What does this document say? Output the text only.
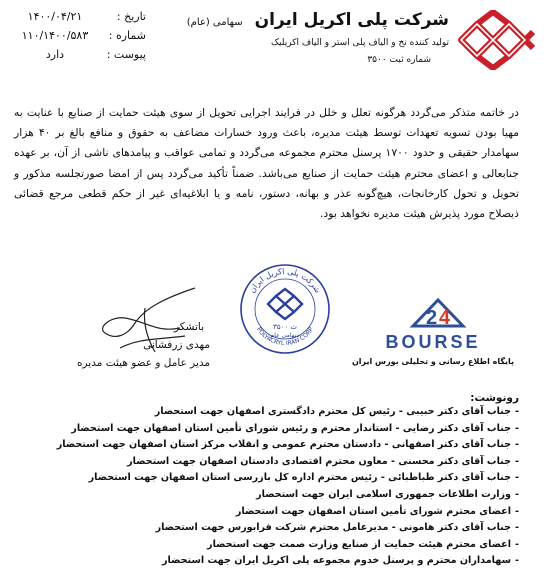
شرکت پلی اکریل ایران سهامی (عام)
تولید کننده نخ و الیاف پلی استر و الیاف اکریلیک
شماره ثبت ۳۵۰۰
تاریخ :۱۴۰۰/۰۴/۲۱
شماره :۱۱۰/۱۴۰۰/۵۸۳
پیوست :دارد
در خاتمه متذکر می‌گردد هرگونه تعلل و خلل در فرایند اجرایی تحویل از سوی هیئت حمایت از صنایع با عنایت به مهیا بودن تسویه تعهدات توسط هیئت مدیره، باعث ورود خسارات مضاعف به حقوق و منافع بالغ بر ۴۰ هزار سهامدار حقیقی و حدود ۱۷۰۰ پرسنل محترم مجموعه می‌گردد و تمامی عواقب و پیامدهای ناشی از آن، بر عهده جنابعالی و اعضای محترم هیئت حمایت از صنایع می‌باشد. ضمناً تأکید می‌گردد پس از امضا صورتجلسه مذکور و تحویل و تحول کارخانجات، هیچ‌گونه عذر و بهانه، دستور، نامه و یا ابلاغیه‌ای غیر از حکم قطعی مرجع قضائی ذیصلاح مورد پذیرش هیئت مدیره نخواهد بود.
باتشکر
مهدی زرفشانی
مدیر عامل و عضو هیئت مدیره
شرکت پلی اکریل ایران
POLYACRYL IRAN CORP
ث ۳۵۰۰
سهامی عام
2 4
BOURSE
پایگاه اطلاع رسانی و تحلیلی بورس ایران
رونوشت:
- جناب آقای دکتر حبیبی - رئیس کل محترم دادگستری اصفهان جهت استحضار
- جناب آقای دکتر رضایی - استاندار محترم و رئیس شورای تأمین استان اصفهان جهت استحضار
- جناب آقای دکتر اصفهانی - دادستان محترم عمومی و انقلاب مرکز استان اصفهان جهت استحضار
- جناب آقای دکتر محسنی - معاون محترم اقتصادی دادستان اصفهان جهت استحضار
- جناب آقای دکتر طباطبائی - رئیس محترم اداره کل بازرسی استان اصفهان جهت استحضار
- وزارت اطلاعات جمهوری اسلامی ایران جهت استحضار
- اعضای محترم شورای تأمین استان اصفهان جهت استحضار
- جناب آقای دکتر هامونی - مدیرعامل محترم شرکت فرابورس جهت استحضار
- اعضای محترم هیئت حمایت از صنایع وزارت صمت جهت استحضار
- سهامداران محترم و پرسنل خدوم مجموعه پلی اکریل ایران جهت استحضار
